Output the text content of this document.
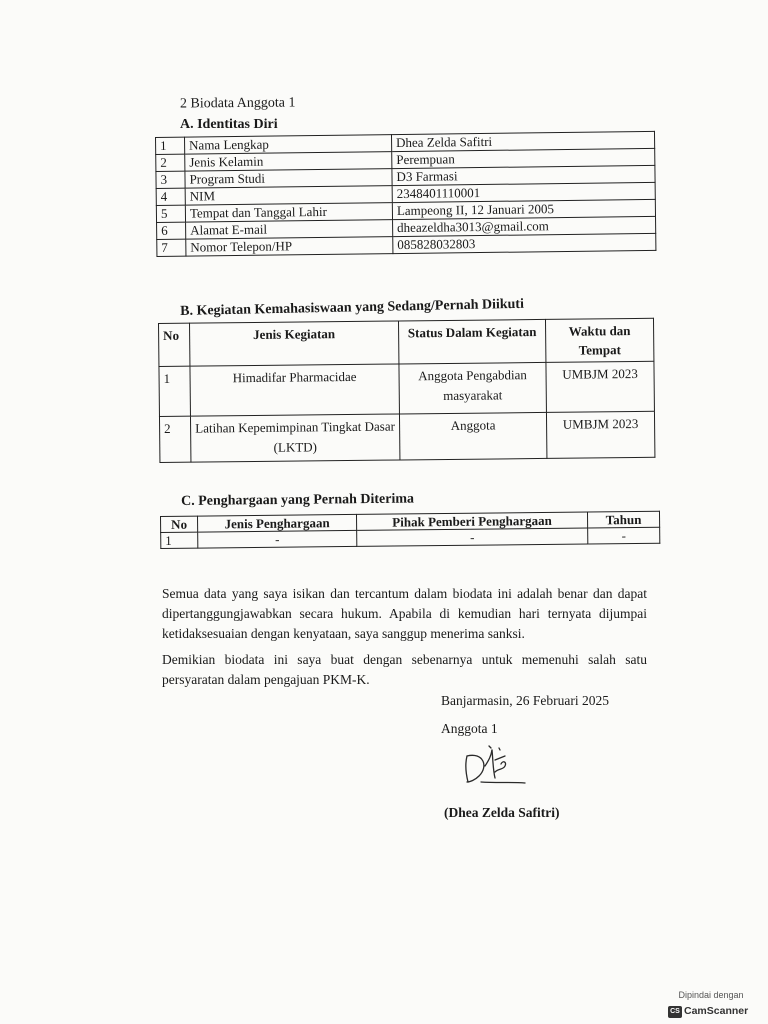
2 Biodata Anggota 1
A. Identitas Diri
1	Nama Lengkap	Dhea Zelda Safitri
2	Jenis Kelamin	Perempuan
3	Program Studi	D3 Farmasi
4	NIM	2348401110001
5	Tempat dan Tanggal Lahir	Lampeong II, 12 Januari 2005
6	Alamat E-mail	dheazeldha3013@gmail.com
7	Nomor Telepon/HP	085828032803
B. Kegiatan Kemahasiswaan yang Sedang/Pernah Diikuti
No	Jenis Kegiatan	Status Dalam Kegiatan	Waktu dan Tempat
1	Himadifar Pharmacidae	Anggota Pengabdian masyarakat	UMBJM 2023
2	Latihan Kepemimpinan Tingkat Dasar (LKTD)	Anggota	UMBJM 2023
C. Penghargaan yang Pernah Diterima
No	Jenis Penghargaan	Pihak Pemberi Penghargaan	Tahun
1	-	-	-
Semua data yang saya isikan dan tercantum dalam biodata ini adalah benar dan dapat dipertanggungjawabkan secara hukum. Apabila di kemudian hari ternyata dijumpai ketidaksesuaian dengan kenyataan, saya sanggup menerima sanksi.
Demikian biodata ini saya buat dengan sebenarnya untuk memenuhi salah satu persyaratan dalam pengajuan PKM-K.
Banjarmasin, 26 Februari 2025
Anggota 1
(Dhea Zelda Safitri)
Dipindai dengan
CS CamScanner
